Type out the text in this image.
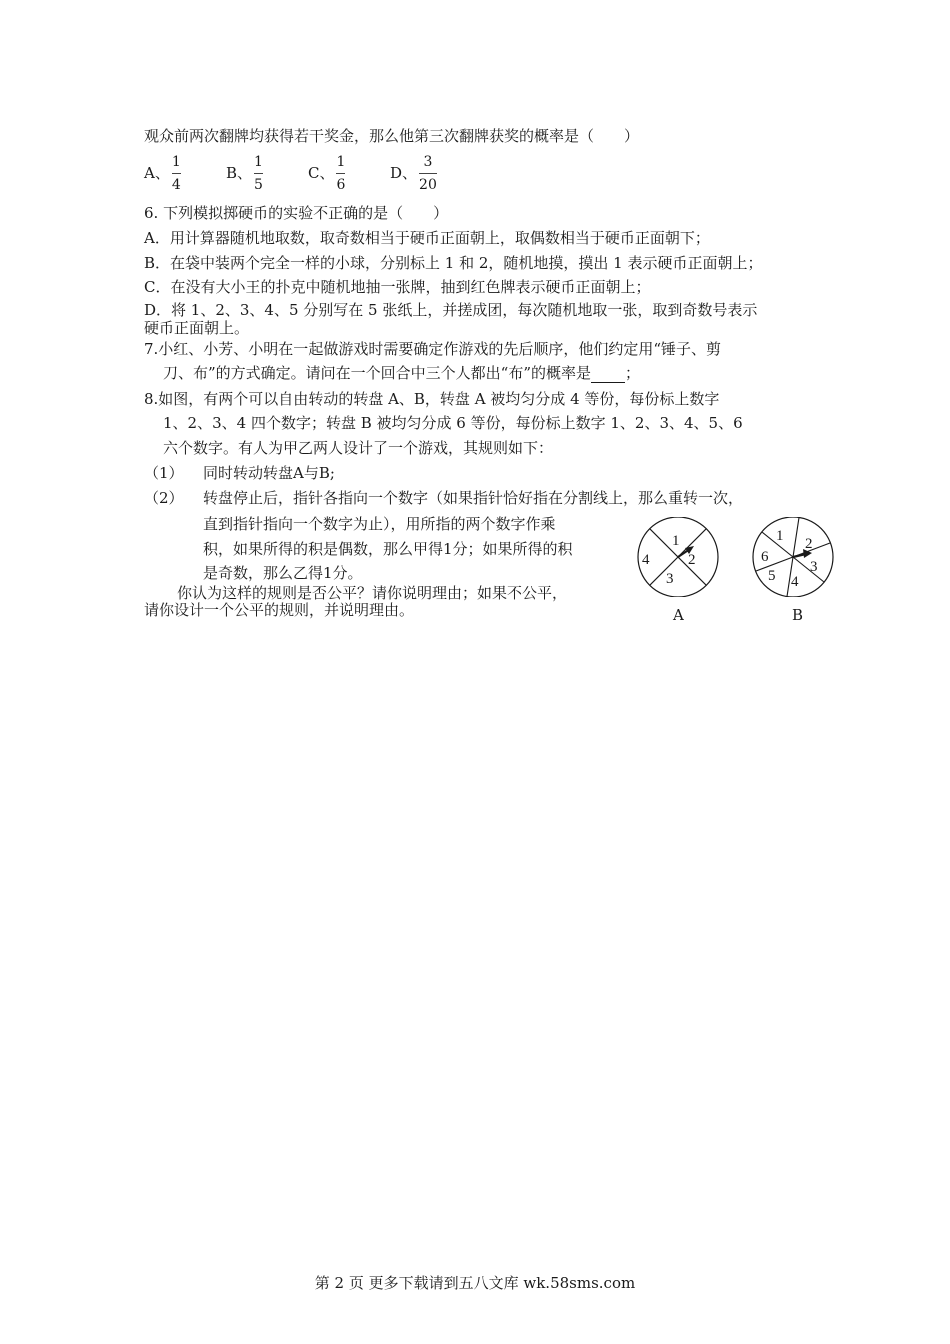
观众前两次翻牌均获得若干奖金，那么他第三次翻牌获奖的概率是（　　）
A、 $\frac{1}{4}$	B、 $\frac{1}{5}$	C、 $\frac{1}{6}$	D、 $\frac{3}{20}$
6. 下列模拟掷硬币的实验不正确的是（　　）
A．用计算器随机地取数，取奇数相当于硬币正面朝上，取偶数相当于硬币正面朝下；
B．在袋中装两个完全一样的小球，分别标上 1 和 2，随机地摸，摸出 1 表示硬币正面朝上；
C．在没有大小王的扑克中随机地抽一张牌，抽到红色牌表示硬币正面朝上；
D．将 1、2、3、4、5 分别写在 5 张纸上，并搓成团，每次随机地取一张，取到奇数号表示
硬币正面朝上。
7.小红、小芳、小明在一起做游戏时需要确定作游戏的先后顺序，他们约定用“锤子、剪
刀、布”的方式确定。请问在一个回合中三个人都出“布”的概率是 ；
8.如图，有两个可以自由转动的转盘 A、B，转盘 A 被均匀分成 4 等份，每份标上数字
1、2、3、4 四个数字；转盘 B 被均匀分成 6 等份，每份标上数字 1、2、3、4、5、6
六个数字。有人为甲乙两人设计了一个游戏，其规则如下：
（1） 同时转动转盘A与B;
（2） 转盘停止后，指针各指向一个数字（如果指针恰好指在分割线上，那么重转一次，
直到指针指向一个数字为止），用所指的两个数字作乘
积，如果所得的积是偶数，那么甲得1分；如果所得的积
是奇数，那么乙得1分。
你认为这样的规则是否公平？请你说明理由；如果不公平，
请你设计一个公平的规则，并说明理由。
1
2
3
4
A
1 2
3
4
5
6
B
第 2 页 更多下载请到五八文库 wk.58sms.com
